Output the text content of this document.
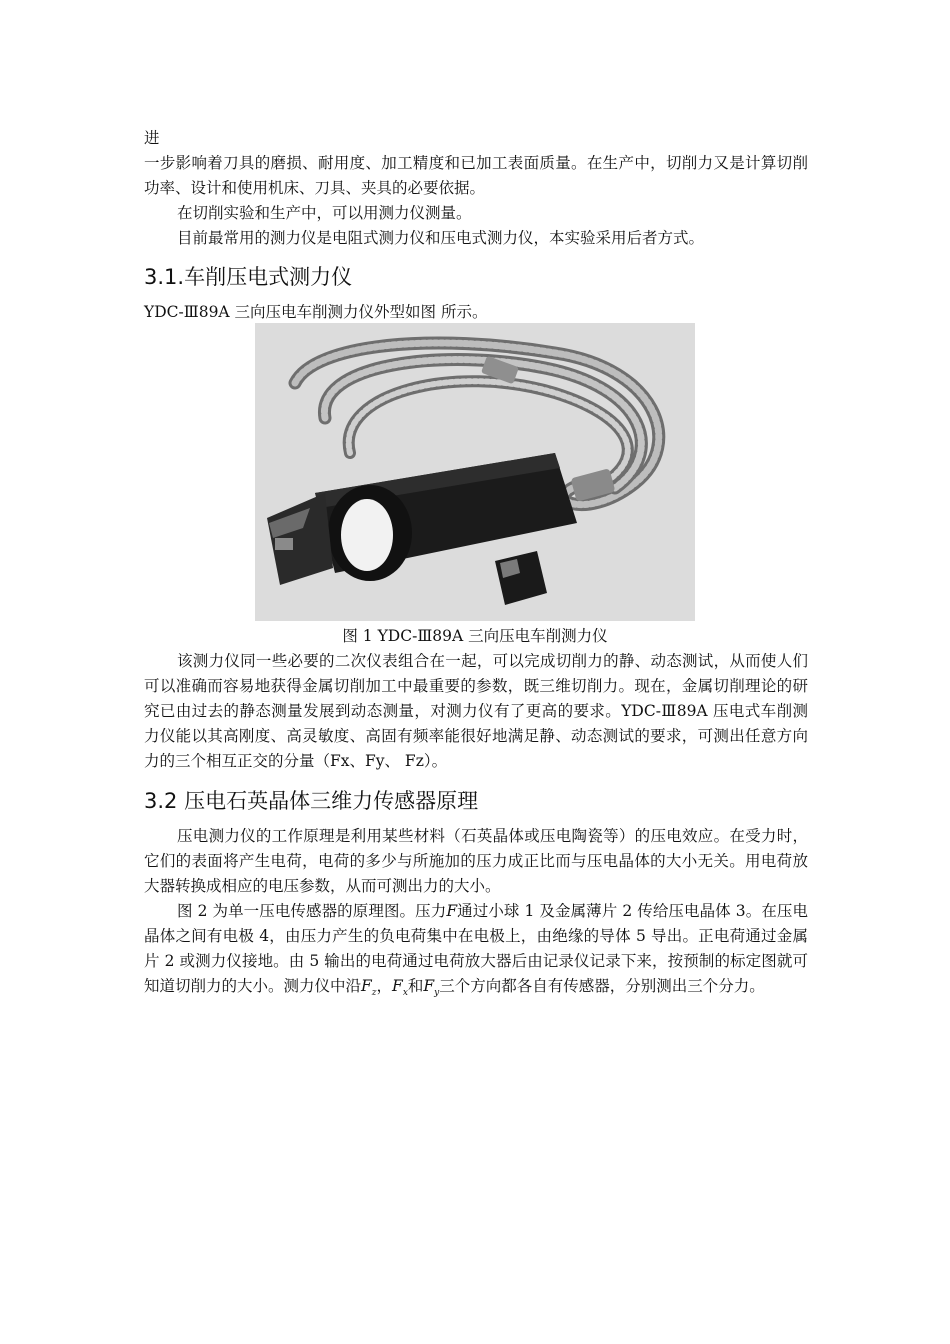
进

一步影响着刀具的磨损、耐用度、加工精度和已加工表面质量。在生产中，切削力又是计算切削功率、设计和使用机床、刀具、夹具的必要依据。

在切削实验和生产中，可以用测力仪测量。

目前最常用的测力仪是电阻式测力仪和压电式测力仪，本实验采用后者方式。

3.1.车削压电式测力仪

YDC-Ⅲ89A 三向压电车削测力仪外型如图 所示。

图 1 YDC-Ⅲ89A 三向压电车削测力仪

该测力仪同一些必要的二次仪表组合在一起，可以完成切削力的静、动态测试，从而使人们可以准确而容易地获得金属切削加工中最重要的参数，既三维切削力。现在，金属切削理论的研究已由过去的静态测量发展到动态测量，对测力仪有了更高的要求。YDC-Ⅲ89A 压电式车削测力仪能以其高刚度、高灵敏度、高固有频率能很好地满足静、动态测试的要求，可测出任意方向力的三个相互正交的分量（Fx、Fy、 Fz）。

3.2 压电石英晶体三维力传感器原理

压电测力仪的工作原理是利用某些材料（石英晶体或压电陶瓷等）的压电效应。在受力时，它们的表面将产生电荷，电荷的多少与所施加的压力成正比而与压电晶体的大小无关。用电荷放大器转换成相应的电压参数，从而可测出力的大小。

图 2 为单一压电传感器的原理图。压力F通过小球 1 及金属薄片 2 传给压电晶体 3。在压电晶体之间有电极 4，由压力产生的负电荷集中在电极上，由绝缘的导体 5 导出。正电荷通过金属片 2 或测力仪接地。由 5 输出的电荷通过电荷放大器后由记录仪记录下来，按预制的标定图就可知道切削力的大小。测力仪中沿$F_z$，$F_x$和$F_y$三个方向都各自有传感器，分别测出三个分力。
